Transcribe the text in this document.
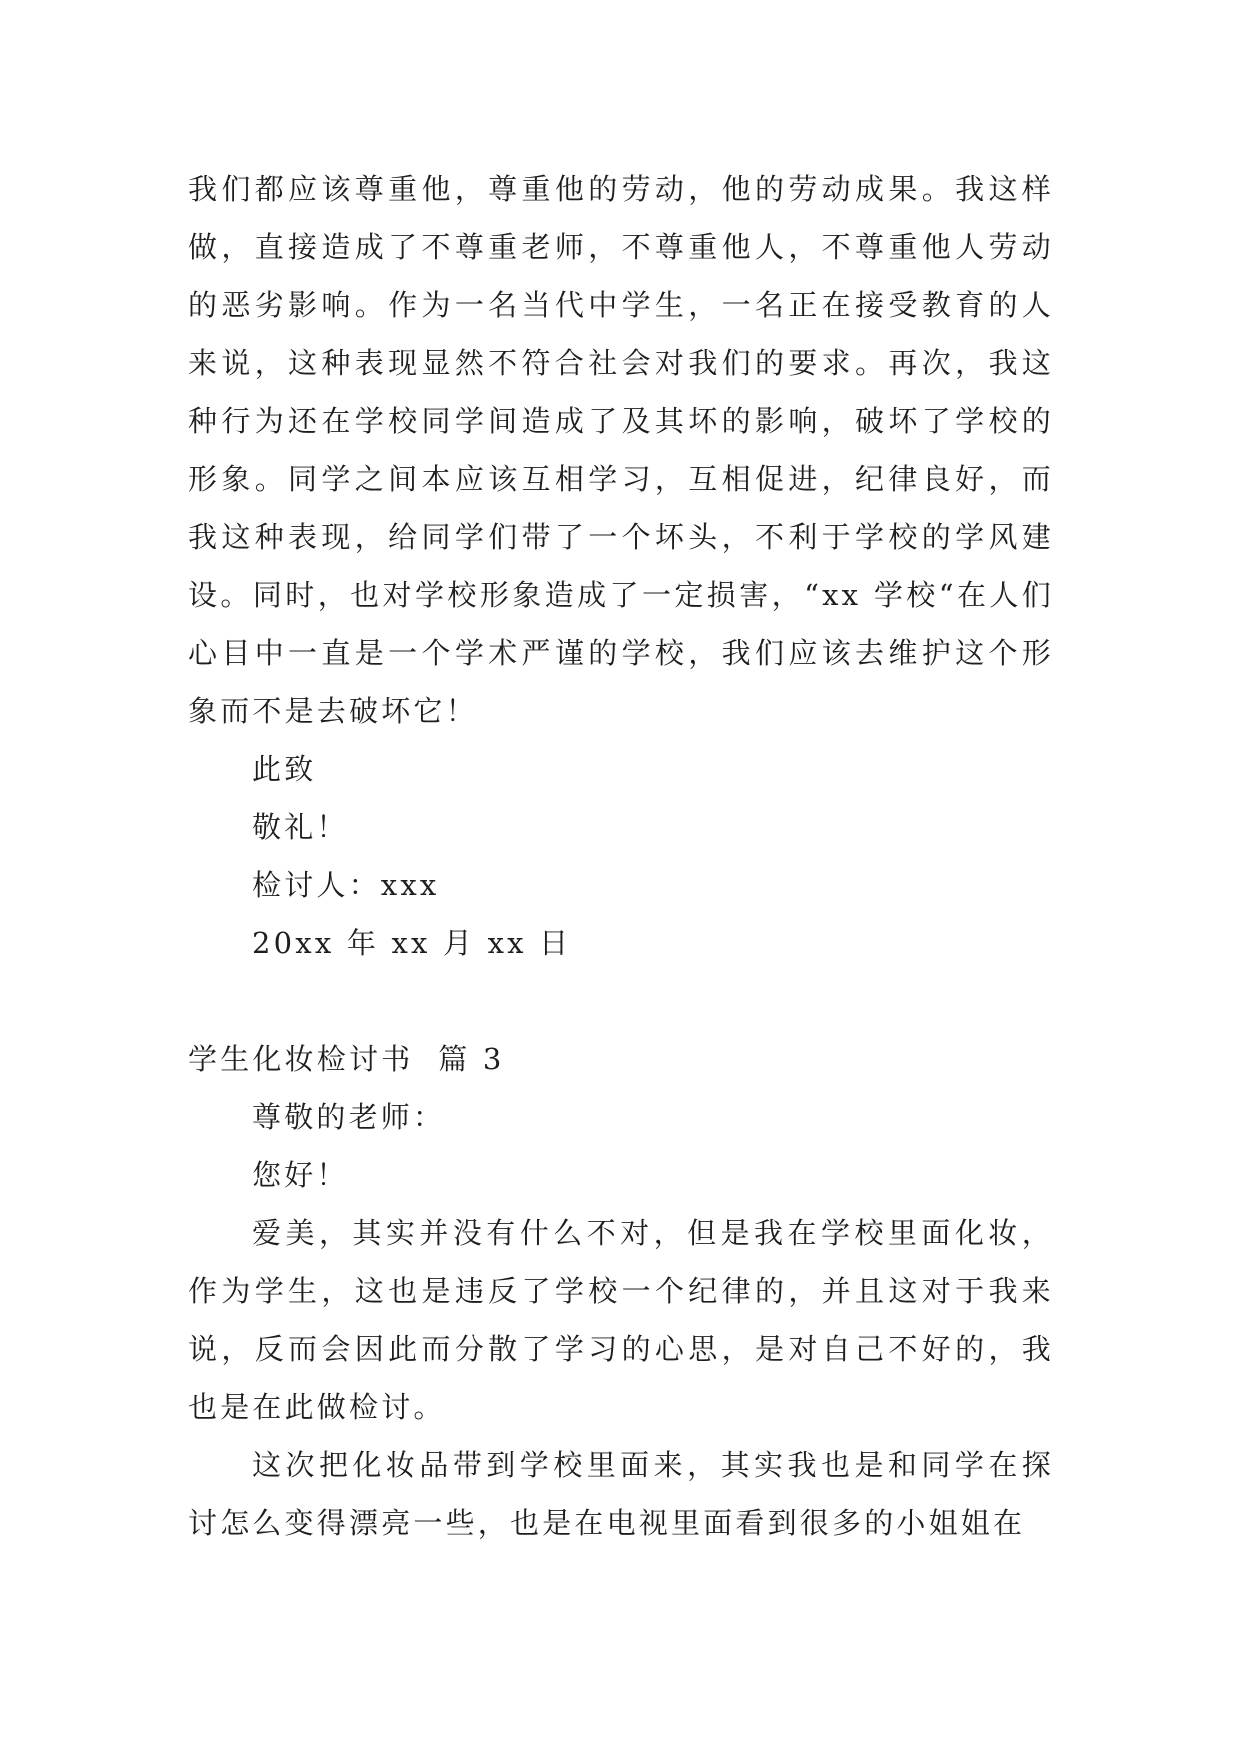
我们都应该尊重他，尊重他的劳动，他的劳动成果。我这样做，直接造成了不尊重老师，不尊重他人，不尊重他人劳动的恶劣影响。作为一名当代中学生，一名正在接受教育的人来说，这种表现显然不符合社会对我们的要求。再次，我这种行为还在学校同学间造成了及其坏的影响，破坏了学校的形象。同学之间本应该互相学习，互相促进，纪律良好，而我这种表现，给同学们带了一个坏头，不利于学校的学风建设。同时，也对学校形象造成了一定损害，“xx 学校“在人们心目中一直是一个学术严谨的学校，我们应该去维护这个形象而不是去破坏它！

此致

敬礼！

检讨人：xxx

20xx 年 xx 月 xx 日

学生化妆检讨书  篇 3

尊敬的老师：

您好！

爱美，其实并没有什么不对，但是我在学校里面化妆，作为学生，这也是违反了学校一个纪律的，并且这对于我来说，反而会因此而分散了学习的心思，是对自己不好的，我也是在此做检讨。

这次把化妆品带到学校里面来，其实我也是和同学在探讨怎么变得漂亮一些，也是在电视里面看到很多的小姐姐在
